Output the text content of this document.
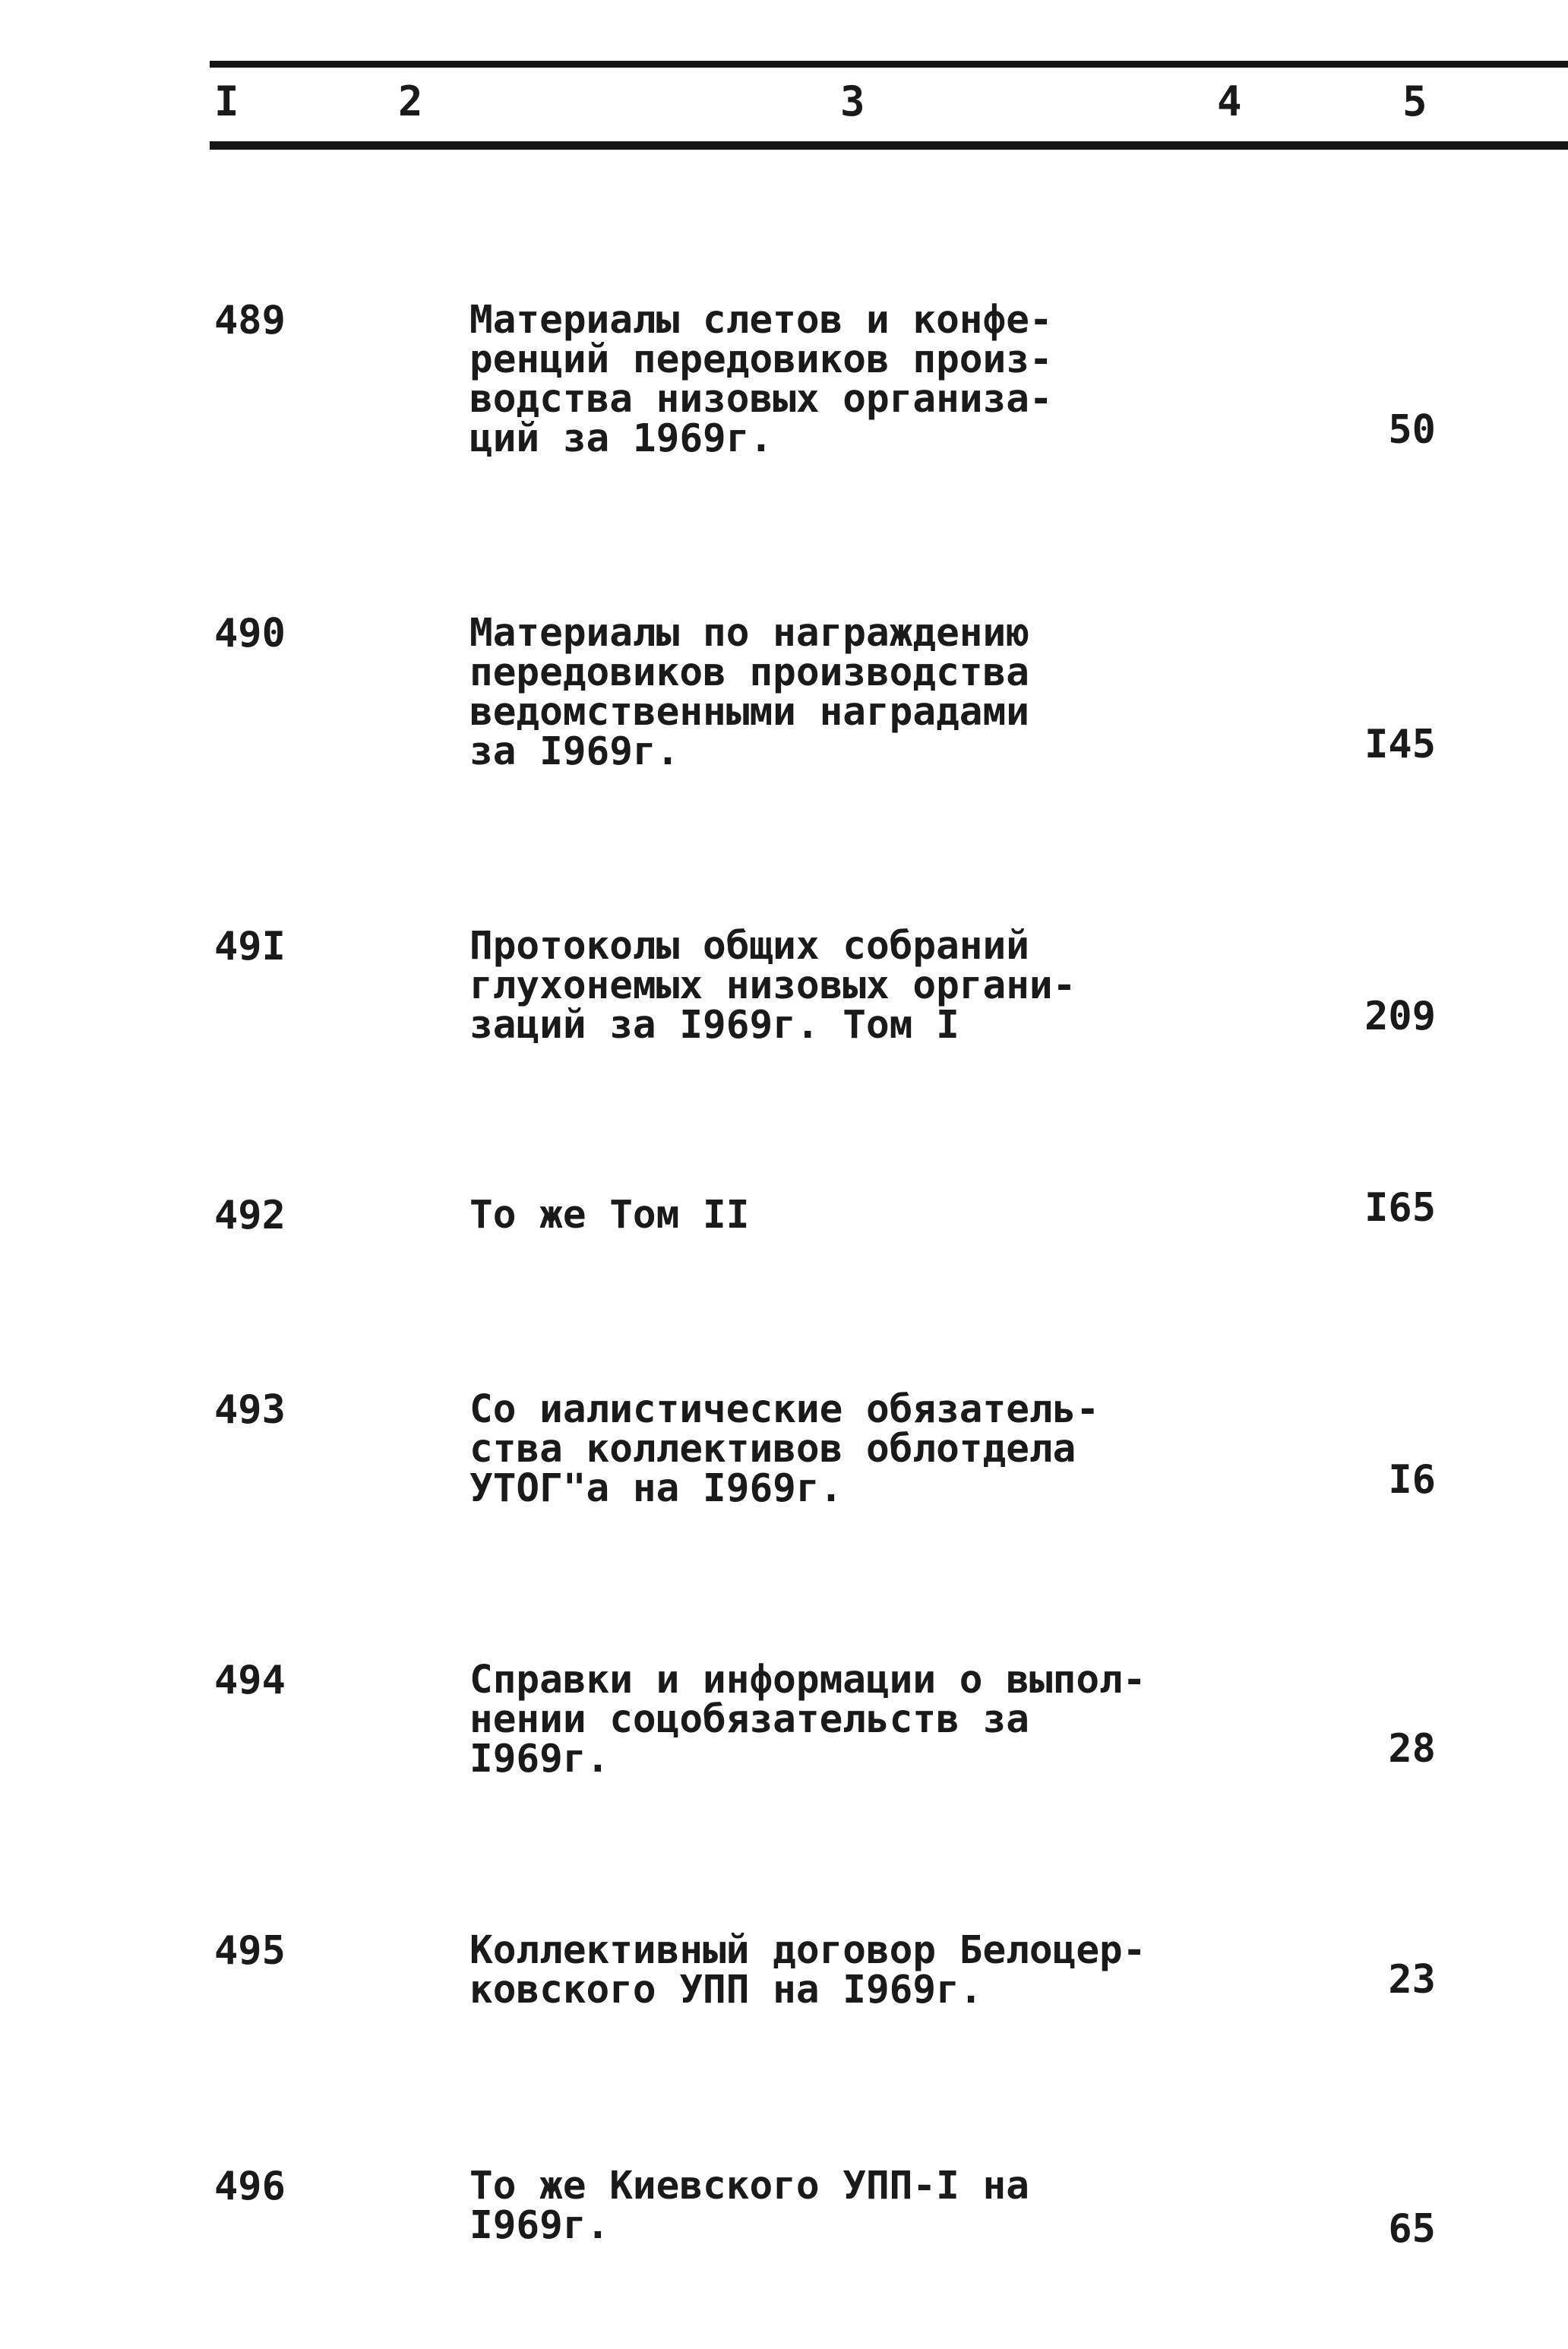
I	2	3	4	5
489	Материалы слетов и конфе-
ренций передовиков произ-
водства низовых организа-
ций за 1969г.	50
490	Материалы по награждению
передовиков производства
ведомственными наградами
за I969г.	I45
49I	Протоколы общих собраний
глухонемых низовых органи-
заций за I969г. Том I	209
492	То же Том II	I65
493	Со иалистические обязатель-
ства коллективов облотдела
УТОГ"а на I969г.	I6
494	Справки и информации о выпол-
нении соцобязательств за
I969г.	28
495	Коллективный договор Белоцер-
ковского УПП на I969г.	23
496	То же Киевского УПП-I на
I969г.	65
